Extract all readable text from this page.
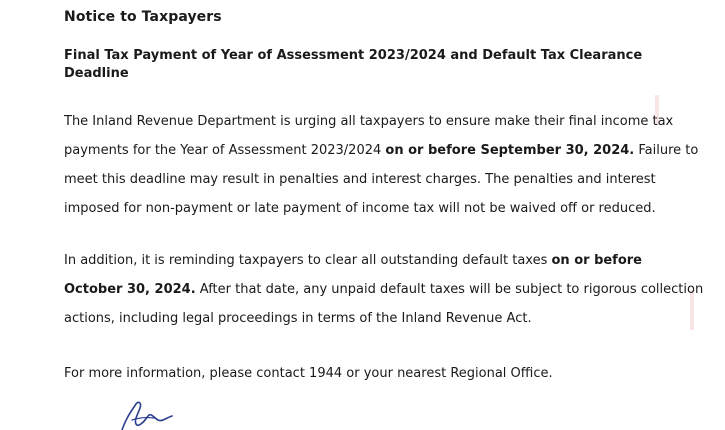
Notice to Taxpayers
Final Tax Payment of Year of Assessment 2023/2024 and Default Tax Clearance Deadline
The Inland Revenue Department is urging all taxpayers to ensure make their final income tax payments for the Year of Assessment 2023/2024 on or before September 30, 2024. Failure to meet this deadline may result in penalties and interest charges. The penalties and interest imposed for non-payment or late payment of income tax will not be waived off or reduced.
In addition, it is reminding taxpayers to clear all outstanding default taxes on or before October 30, 2024. After that date, any unpaid default taxes will be subject to rigorous collection actions, including legal proceedings in terms of the Inland Revenue Act.
For more information, please contact 1944 or your nearest Regional Office.
